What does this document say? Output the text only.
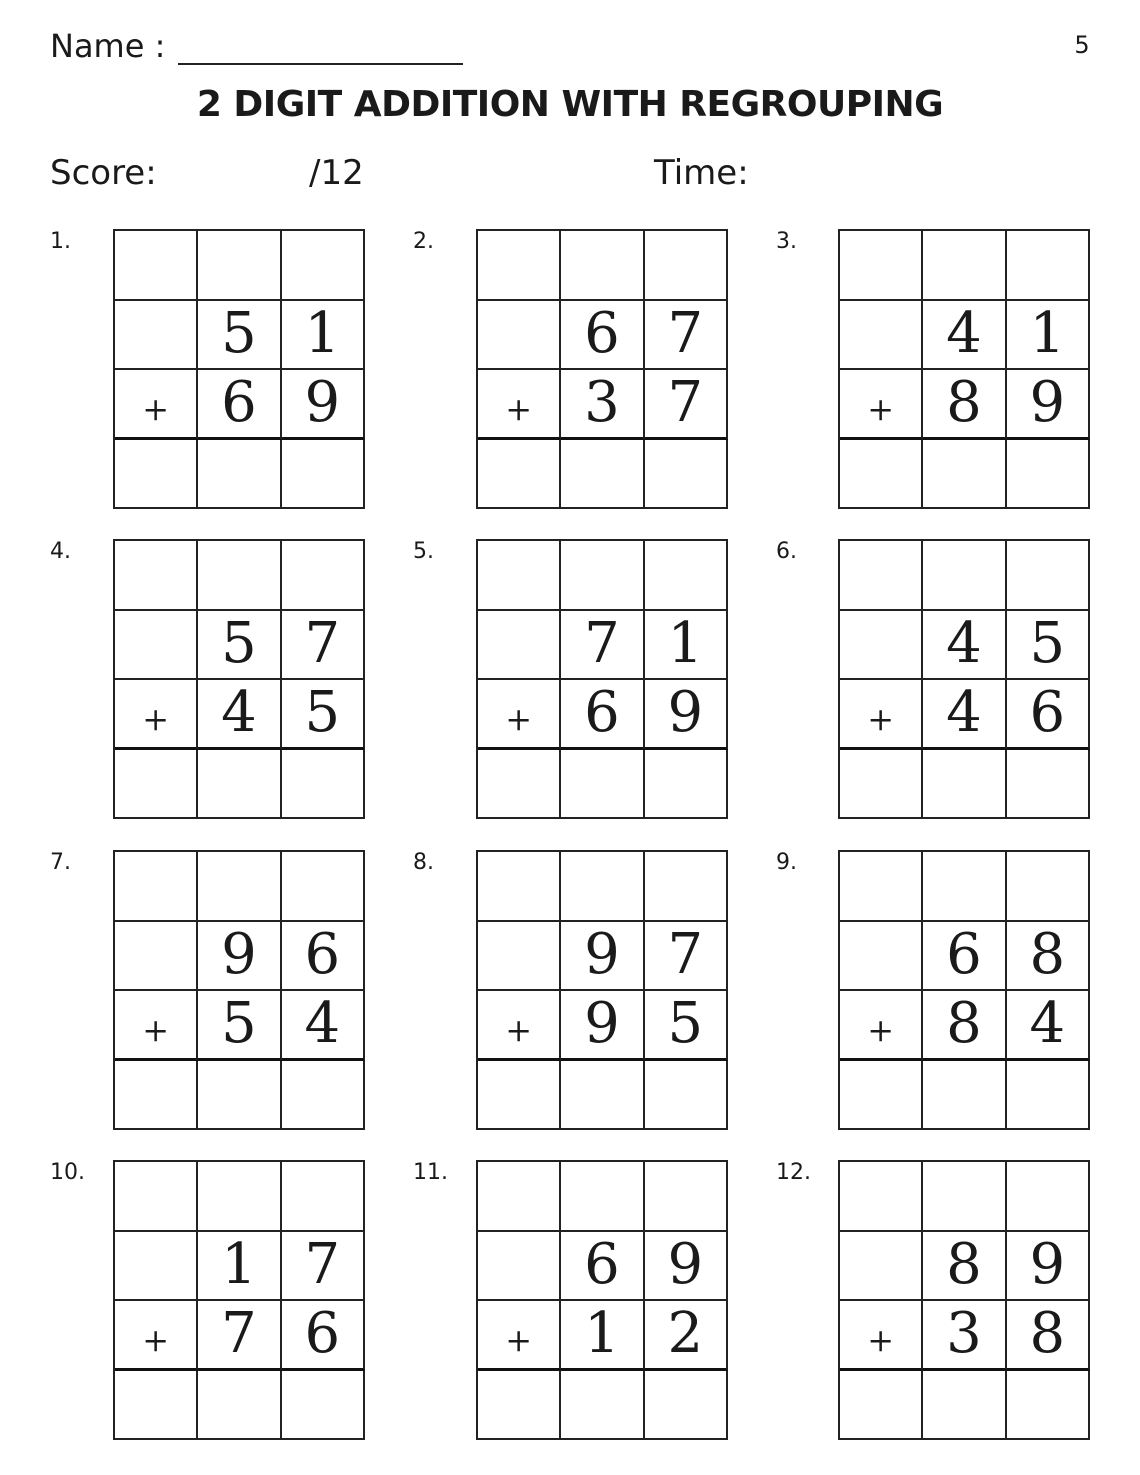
Name :	5
2 DIGIT ADDITION WITH REGROUPING
Score:	/12	Time:
1.
5 1
+ 6 9
2.
6 7
+ 3 7
3.
4 1
+ 8 9
4.
5 7
+ 4 5
5.
7 1
+ 6 9
6.
4 5
+ 4 6
7.
9 6
+ 5 4
8.
9 7
+ 9 5
9.
6 8
+ 8 4
10.
1 7
+ 7 6
11.
6 9
+ 1 2
12.
8 9
+ 3 8
